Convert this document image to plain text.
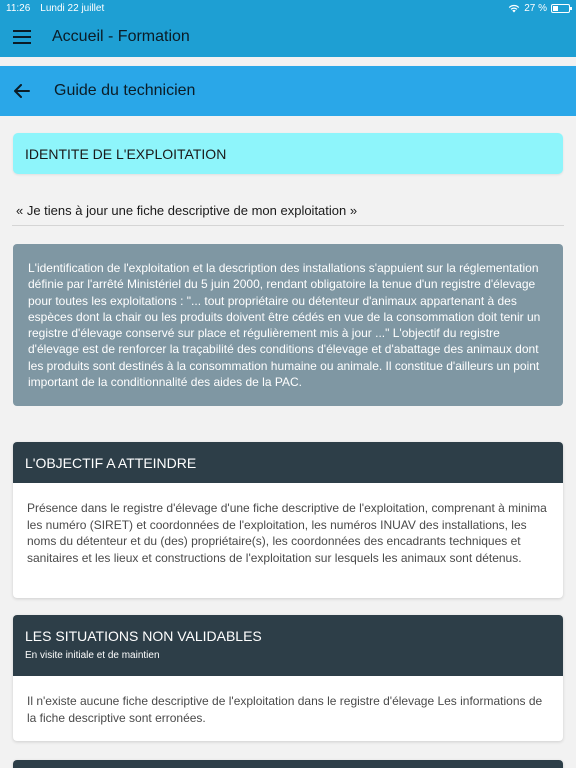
11:26 Lundi 22 juillet	27 %
Accueil - Formation
Guide du technicien
IDENTITE DE L'EXPLOITATION
« Je tiens à jour une fiche descriptive de mon exploitation »

L'identification de l'exploitation et la description des installations s'appuient sur la réglementation définie par l'arrêté Ministériel du 5 juin 2000, rendant obligatoire la tenue d'un registre d'élevage pour toutes les exploitations : "... tout propriétaire ou détenteur d'animaux appartenant à des espèces dont la chair ou les produits doivent être cédés en vue de la consommation doit tenir un registre d'élevage conservé sur place et régulièrement mis à jour ..." L'objectif du registre d'élevage est de renforcer la traçabilité des conditions d'élevage et d'abattage des animaux dont les produits sont destinés à la consommation humaine ou animale. Il constitue d'ailleurs un point important de la conditionnalité des aides de la PAC.

L'OBJECTIF A ATTEINDRE

Présence dans le registre d'élevage d'une fiche descriptive de l'exploitation, comprenant à minima les numéro (SIRET) et coordonnées de l'exploitation, les numéros INUAV des installations, les noms du détenteur et du (des) propriétaire(s), les coordonnées des encadrants techniques et sanitaires et les lieux et constructions de l'exploitation sur lesquels les animaux sont détenus.

LES SITUATIONS NON VALIDABLES
En visite initiale et de maintien

Il n'existe aucune fiche descriptive de l'exploitation dans le registre d'élevage Les informations de la fiche descriptive sont erronées.
